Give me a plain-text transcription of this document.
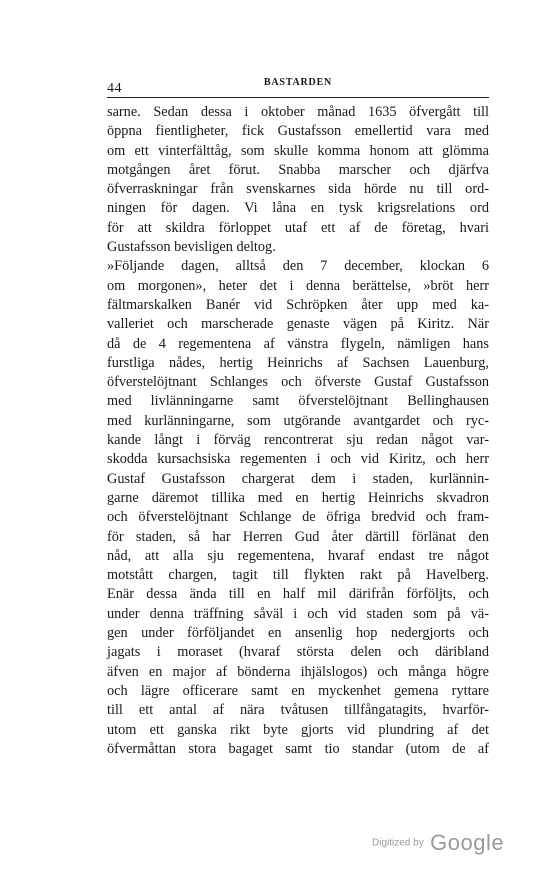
44	BASTARDEN
sarne. Sedan dessa i oktober månad 1635 öfvergått till
öppna fientligheter, fick Gustafsson emellertid vara med
om ett vinterfälttåg, som skulle komma honom att glömma
motgången året förut. Snabba marscher och djärfva
öfverraskningar från svenskarnes sida hörde nu till ord-
ningen för dagen. Vi låna en tysk krigsrelations ord
för att skildra förloppet utaf ett af de företag, hvari
Gustafsson bevisligen deltog.
»Följande dagen, alltså den 7 december, klockan 6
om morgonen», heter det i denna berättelse, »bröt herr
fältmarskalken Banér vid Schröpken åter upp med ka-
valleriet och marscherade genaste vägen på Kiritz. När
då de 4 regementena af vänstra flygeln, nämligen hans
furstliga nådes, hertig Heinrichs af Sachsen Lauenburg,
öfverstelöjtnant Schlanges och öfverste Gustaf Gustafsson
med livlänningarne samt öfverstelöjtnant Bellinghausen
med kurlänningarne, som utgörande avantgardet och ryc-
kande långt i förväg rencontrerat sju redan något var-
skodda kursachsiska regementen i och vid Kiritz, och herr
Gustaf Gustafsson chargerat dem i staden, kurlännin-
garne däremot tillika med en hertig Heinrichs skvadron
och öfverstelöjtnant Schlange de öfriga bredvid och fram-
för staden, så har Herren Gud åter därtill förlänat den
nåd, att alla sju regementena, hvaraf endast tre något
motstått chargen, tagit till flykten rakt på Havelberg.
Enär dessa ända till en half mil därifrån förföljts, och
under denna träffning såväl i och vid staden som på vä-
gen under förföljandet en ansenlig hop nedergjorts och
jagats i moraset (hvaraf största delen och däribland
äfven en major af bönderna ihjälslogos) och många högre
och lägre officerare samt en myckenhet gemena ryttare
till ett antal af nära tvåtusen tillfångatagits, hvarför-
utom ett ganska rikt byte gjorts vid plundring af det
öfvermåttan stora bagaget samt tio standar (utom de af
Digitized by Google
